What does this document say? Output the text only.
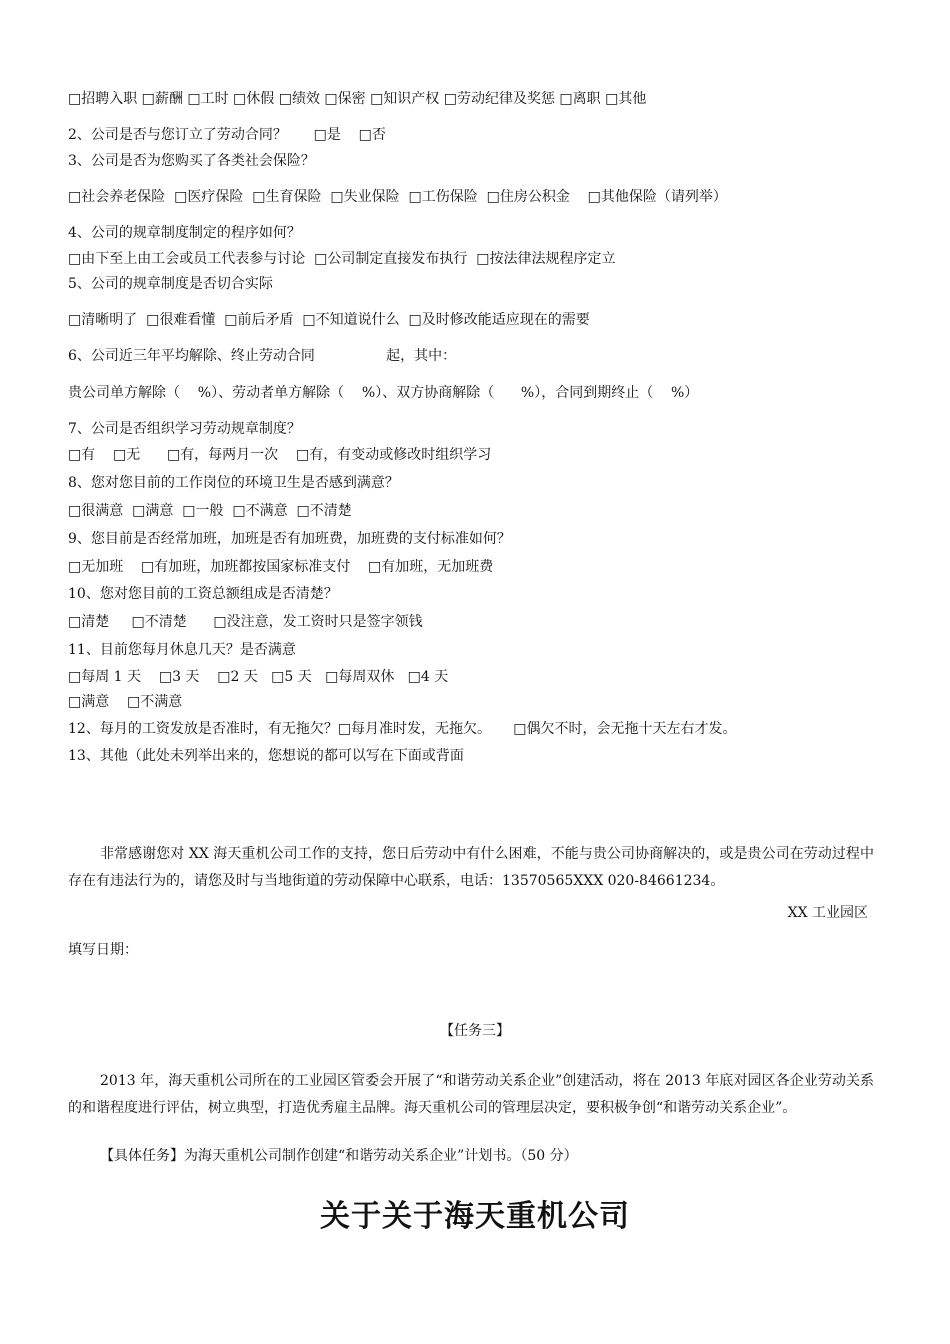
□招聘入职 □薪酬 □工时 □休假 □绩效 □保密 □知识产权 □劳动纪律及奖惩 □离职 □其他
2、公司是否与您订立了劳动合同？      □是    □否
3、公司是否为您购买了各类社会保险？
□社会养老保险  □医疗保险  □生育保险  □失业保险  □工伤保险  □住房公积金    □其他保险（请列举）
4、公司的规章制度制定的程序如何？
□由下至上由工会或员工代表参与讨论  □公司制定直接发布执行  □按法律法规程序定立
5、公司的规章制度是否切合实际
□清晰明了  □很难看懂  □前后矛盾  □不知道说什么  □及时修改能适应现在的需要
6、公司近三年平均解除、终止劳动合同                起，其中：
贵公司单方解除（    %）、劳动者单方解除（    %）、双方协商解除（      %），合同到期终止（    %）
7、公司是否组织学习劳动规章制度？
□有    □无      □有，每两月一次    □有，有变动或修改时组织学习
8、您对您目前的工作岗位的环境卫生是否感到满意？
□很满意  □满意  □一般  □不满意  □不清楚
9、您目前是否经常加班，加班是否有加班费，加班费的支付标准如何？
□无加班    □有加班，加班都按国家标准支付    □有加班，无加班费
10、您对您目前的工资总额组成是否清楚？
□清楚     □不清楚      □没注意，发工资时只是签字领钱
11、目前您每月休息几天？是否满意
□每周 1 天    □3 天    □2 天   □5 天   □每周双休   □4 天
□满意    □不满意
12、每月的工资发放是否准时，有无拖欠？□每月准时发，无拖欠。     □偶欠不时，会无拖十天左右才发。
13、其他（此处未列举出来的，您想说的都可以写在下面或背面
非常感谢您对 XX 海天重机公司工作的支持，您日后劳动中有什么困难，不能与贵公司协商解决的，或是贵公司在劳动过程中存在有违法行为的，请您及时与当地街道的劳动保障中心联系，电话：13570565XXX 020-84661234。
XX 工业园区
填写日期：
【任务三】
2013 年，海天重机公司所在的工业园区管委会开展了“和谐劳动关系企业”创建活动，将在 2013 年底对园区各企业劳动关系的和谐程度进行评估，树立典型，打造优秀雇主品牌。海天重机公司的管理层决定，要积极争创“和谐劳动关系企业”。
【具体任务】为海天重机公司制作创建“和谐劳动关系企业”计划书。（50 分）
关于关于海天重机公司
